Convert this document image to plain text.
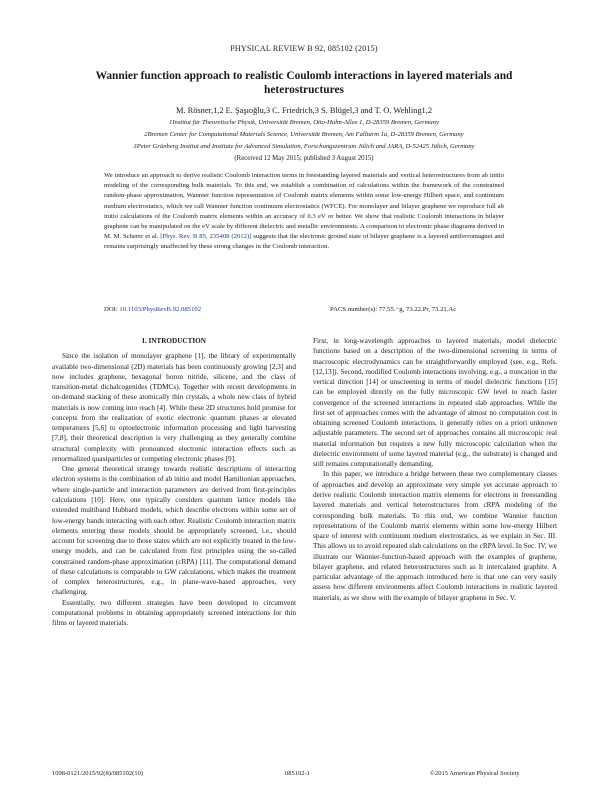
PHYSICAL REVIEW B 92, 085102 (2015)
Wannier function approach to realistic Coulomb interactions in layered materials and heterostructures
M. Rösner,1,2 E. Şaşıoğlu,3 C. Friedrich,3 S. Blügel,3 and T. O. Wehling1,2
1Institut für Theoretische Physik, Universität Bremen, Otto-Hahn-Allee 1, D-28359 Bremen, Germany
2Bremen Center for Computational Materials Science, Universität Bremen, Am Fallturm 1a, D-28359 Bremen, Germany
3Peter Grünberg Institut and Institute for Advanced Simulation, Forschungszentrum Jülich and JARA, D-52425 Jülich, Germany
(Received 12 May 2015; published 3 August 2015)

We introduce an approach to derive realistic Coulomb interaction terms in freestanding layered materials and vertical heterostructures from ab initio modeling of the corresponding bulk materials. To this end, we establish a combination of calculations within the framework of the constrained random-phase approximation, Wannier function representation of Coulomb matrix elements within some low-energy Hilbert space, and continuum medium electrostatics, which we call Wannier function continuum electrostatics (WFCE). For monolayer and bilayer graphene we reproduce full ab initio calculations of the Coulomb matrix elements within an accuracy of 0.3 eV or better. We show that realistic Coulomb interactions in bilayer graphene can be manipulated on the eV scale by different dielectric and metallic environments. A comparison to electronic phase diagrams derived in M. M. Scherer et al. [Phys. Rev. B 85, 235408 (2012)] suggests that the electronic ground state of bilayer graphene is a layered antiferromagnet and remains surprisingly unaffected by these strong changes in the Coulomb interaction.

DOI: 10.1103/PhysRevB.92.085102	PACS number(s): 77.55.−g, 73.22.Pr, 73.21.Ac
I. INTRODUCTION

Since the isolation of monolayer graphene [1], the library of experimentally available two-dimensional (2D) materials has been continuously growing [2,3] and now includes graphene, hexagonal boron nitride, silicene, and the class of transition-metal dichalcogenides (TDMCs). Together with recent developments in on-demand stacking of these atomically thin crystals, a whole new class of hybrid materials is now coming into reach [4]. While these 2D structures hold promise for concepts from the realization of exotic electronic quantum phases at elevated temperatures [5,6] to optoelectronic information processing and light harvesting [7,8], their theoretical description is very challenging as they generally combine structural complexity with pronounced electronic interaction effects such as renormalized quasiparticles or competing electronic phases [9].

One general theoretical strategy towards realistic descriptions of interacting electron systems is the combination of ab initio and model Hamiltonian approaches, where single-particle and interaction parameters are derived from first-principles calculations [10]. Here, one typically considers quantum lattice models like extended multiband Hubbard models, which describe electrons within some set of low-energy bands interacting with each other. Realistic Coulomb interaction matrix elements entering these models should be appropriately screened, i.e., should account for screening due to those states which are not explicitly treated in the low-energy models, and can be calculated from first principles using the so-called constrained random-phase approximation (cRPA) [11]. The computational demand of these calculations is comparable to GW calculations, which makes the treatment of complex heterostructures, e.g., in plane-wave-based approaches, very challenging.

Essentially, two different strategies have been developed to circumvent computational problems in obtaining appropriately screened interactions for thin films or layered materials.

First, in long-wavelength approaches to layered materials, model dielectric functions based on a description of the two-dimensional screening in terms of macroscopic electrodynamics can be straightforwardly employed (see, e.g., Refs. [12,13]). Second, modified Coulomb interactions involving, e.g., a truncation in the vertical direction [14] or unscreening in terms of model dielectric functions [15] can be employed directly on the fully microscopic GW level to reach faster convergence of the screened interactions in repeated slab approaches. While the first set of approaches comes with the advantage of almost no computation cost in obtaining screened Coulomb interactions, it generally relies on a priori unknown adjustable parameters. The second set of approaches contains all microscopic real material information but requires a new fully microscopic calculation when the dielectric environment of some layered material (e.g., the substrate) is changed and still remains computationally demanding.

In this paper, we introduce a bridge between these two complementary classes of approaches and develop an approximate very simple yet accurate approach to derive realistic Coulomb interaction matrix elements for electrons in freestanding layered materials and vertical heterostructures from cRPA modeling of the corresponding bulk materials. To this end, we combine Wannier function representations of the Coulomb matrix elements within some low-energy Hilbert space of interest with continuum medium electrostatics, as we explain in Sec. III. This allows us to avoid repeated slab calculations on the cRPA level. In Sec. IV, we illustrate our Wannier-function-based approach with the examples of graphene, bilayer graphene, and related heterostructures such as Ir intercalated graphite. A particular advantage of the approach introduced here is that one can very easily assess how different environments affect Coulomb interactions in realistic layered materials, as we show with the example of bilayer graphene in Sec. V.

1098-0121/2015/92(8)/085102(10)	085102-1	©2015 American Physical Society
